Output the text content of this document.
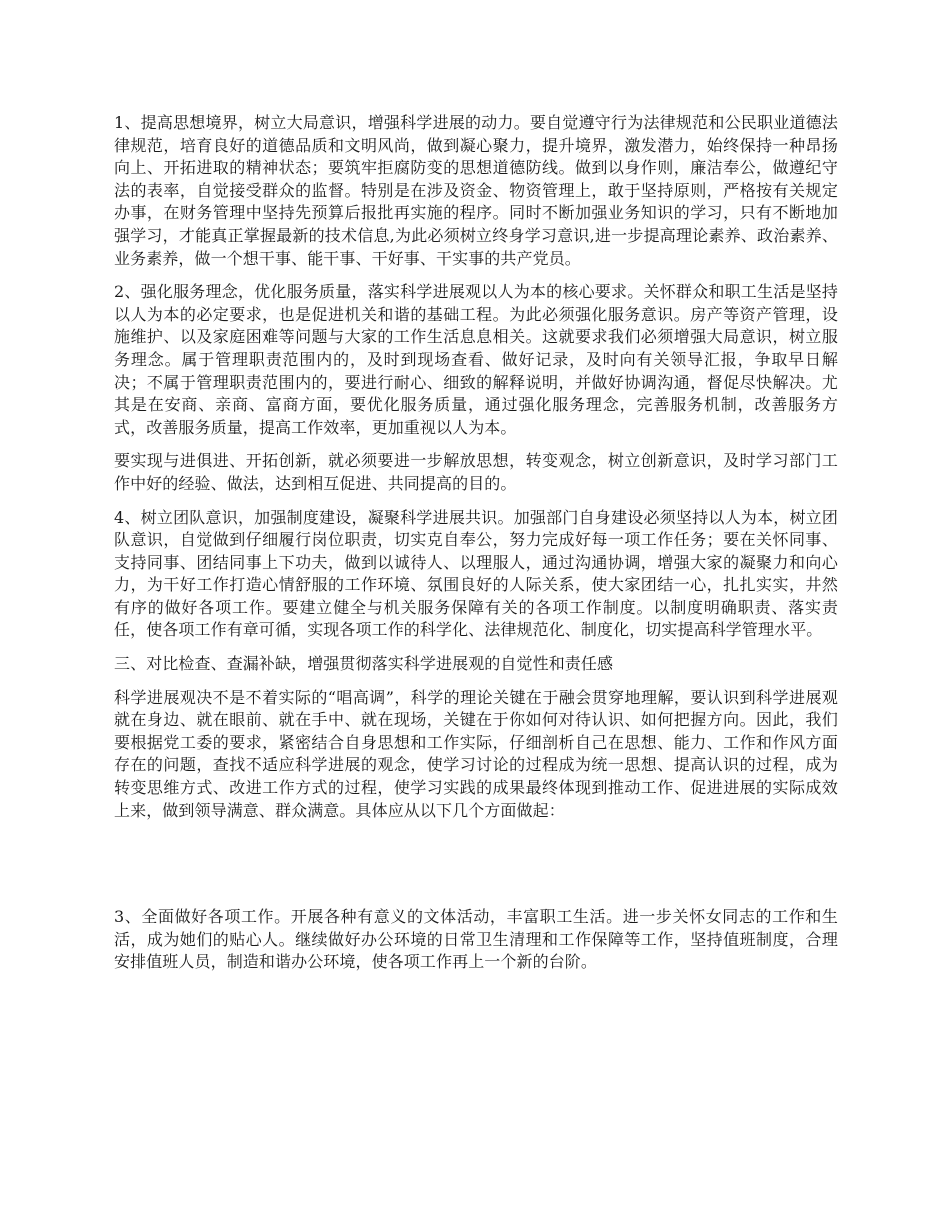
1、提高思想境界，树立大局意识，增强科学进展的动力。要自觉遵守行为法律规范和公民职业道德法律规范，培育良好的道德品质和文明风尚，做到凝心聚力，提升境界，激发潜力，始终保持一种昂扬向上、开拓进取的精神状态；要筑牢拒腐防变的思想道德防线。做到以身作则，廉洁奉公，做遵纪守法的表率，自觉接受群众的监督。特别是在涉及资金、物资管理上，敢于坚持原则，严格按有关规定办事，在财务管理中坚持先预算后报批再实施的程序。同时不断加强业务知识的学习，只有不断地加强学习，才能真正掌握最新的技术信息,为此必须树立终身学习意识,进一步提高理论素养、政治素养、业务素养，做一个想干事、能干事、干好事、干实事的共产党员。

2、强化服务理念，优化服务质量，落实科学进展观以人为本的核心要求。关怀群众和职工生活是坚持以人为本的必定要求，也是促进机关和谐的基础工程。为此必须强化服务意识。房产等资产管理，设施维护、以及家庭困难等问题与大家的工作生活息息相关。这就要求我们必须增强大局意识，树立服务理念。属于管理职责范围内的，及时到现场查看、做好记录，及时向有关领导汇报，争取早日解决；不属于管理职责范围内的，要进行耐心、细致的解释说明，并做好协调沟通，督促尽快解决。尤其是在安商、亲商、富商方面，要优化服务质量，通过强化服务理念，完善服务机制，改善服务方式，改善服务质量，提高工作效率，更加重视以人为本。

要实现与进俱进、开拓创新，就必须要进一步解放思想，转变观念，树立创新意识，及时学习部门工作中好的经验、做法，达到相互促进、共同提高的目的。

4、树立团队意识，加强制度建设，凝聚科学进展共识。加强部门自身建设必须坚持以人为本，树立团队意识，自觉做到仔细履行岗位职责，切实克自奉公，努力完成好每一项工作任务；要在关怀同事、支持同事、团结同事上下功夫，做到以诚待人、以理服人，通过沟通协调，增强大家的凝聚力和向心力，为干好工作打造心情舒服的工作环境、氛围良好的人际关系，使大家团结一心，扎扎实实，井然有序的做好各项工作。要建立健全与机关服务保障有关的各项工作制度。以制度明确职责、落实责任，使各项工作有章可循，实现各项工作的科学化、法律规范化、制度化，切实提高科学管理水平。

三、对比检查、查漏补缺，增强贯彻落实科学进展观的自觉性和责任感

科学进展观决不是不着实际的“唱高调”，科学的理论关键在于融会贯穿地理解，要认识到科学进展观就在身边、就在眼前、就在手中、就在现场，关键在于你如何对待认识、如何把握方向。因此，我们要根据党工委的要求，紧密结合自身思想和工作实际，仔细剖析自己在思想、能力、工作和作风方面存在的问题，查找不适应科学进展的观念，使学习讨论的过程成为统一思想、提高认识的过程，成为转变思维方式、改进工作方式的过程，使学习实践的成果最终体现到推动工作、促进进展的实际成效上来，做到领导满意、群众满意。具体应从以下几个方面做起：

3、全面做好各项工作。开展各种有意义的文体活动，丰富职工生活。进一步关怀女同志的工作和生活，成为她们的贴心人。继续做好办公环境的日常卫生清理和工作保障等工作，坚持值班制度，合理安排值班人员，制造和谐办公环境，使各项工作再上一个新的台阶。
